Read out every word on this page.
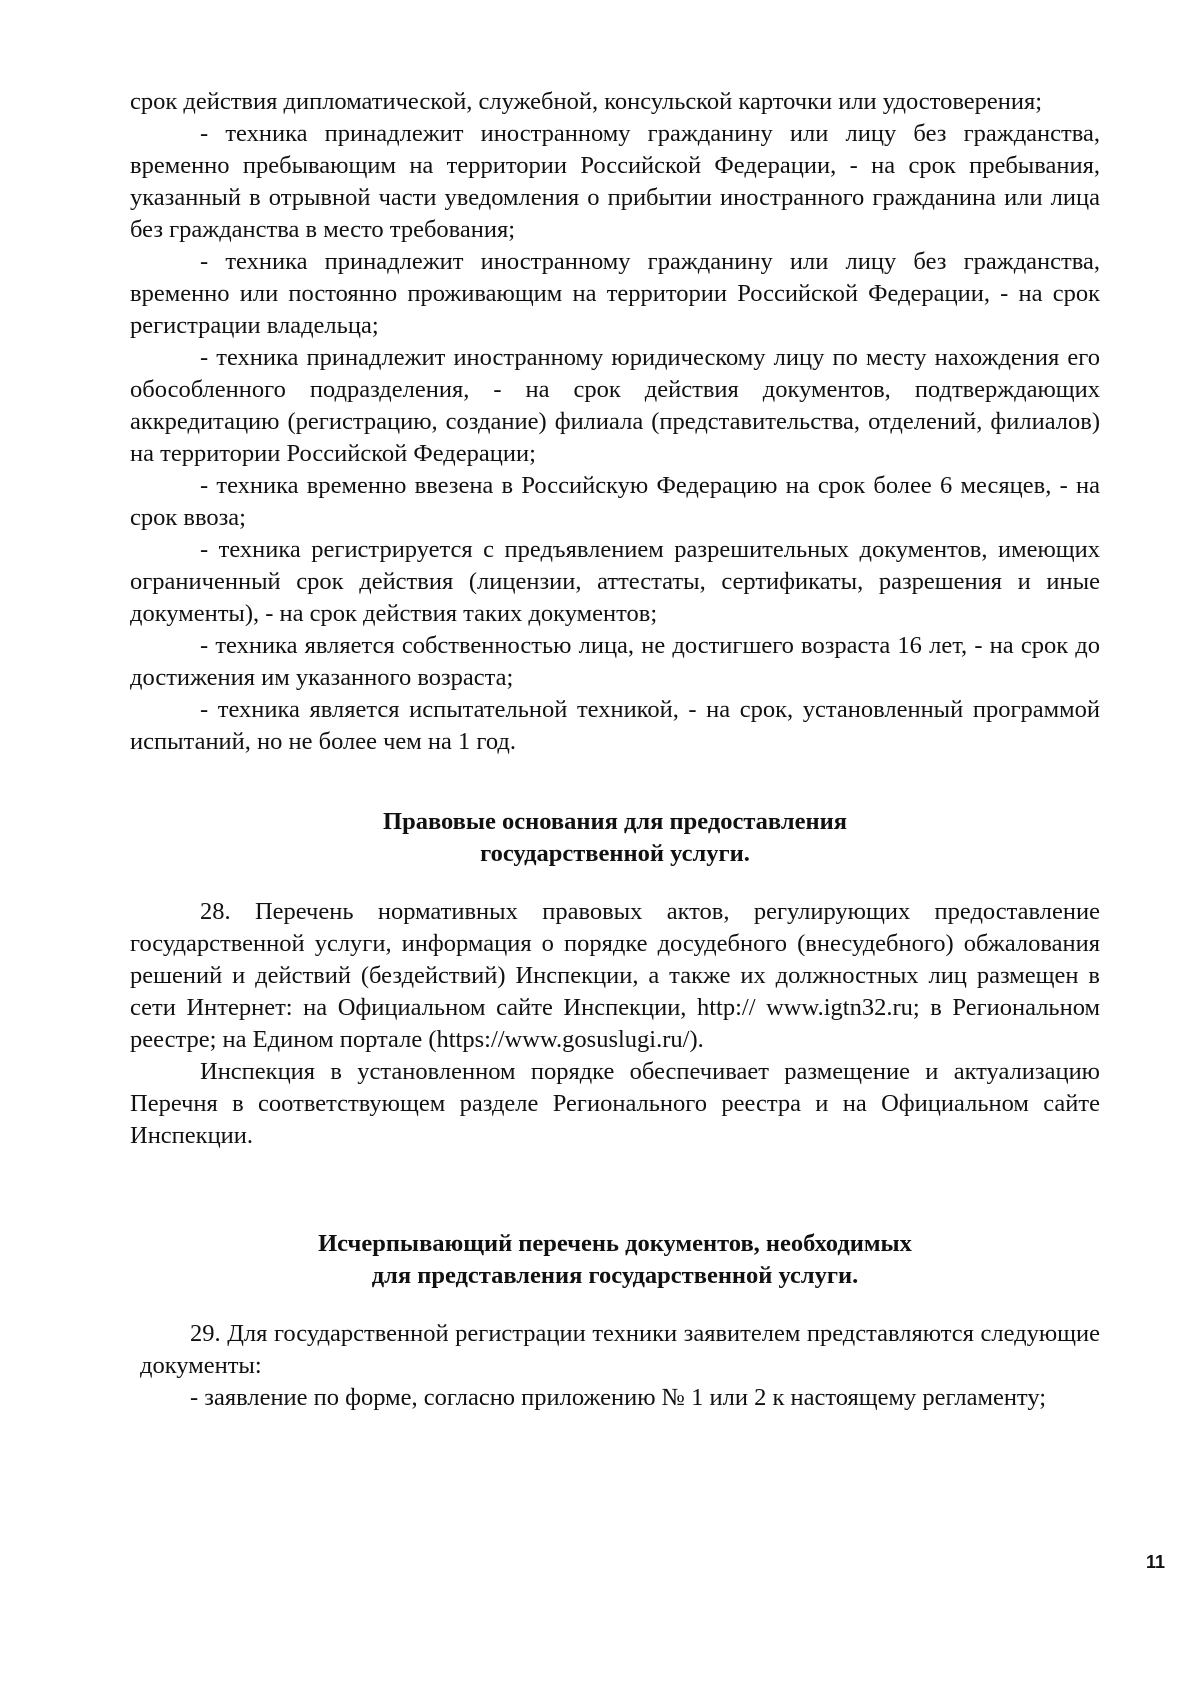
срок действия дипломатической, служебной, консульской карточки или удостоверения;

- техника принадлежит иностранному гражданину или лицу без гражданства, временно пребывающим на территории Российской Федерации, - на срок пребывания, указанный в отрывной части уведомления о прибытии иностранного гражданина или лица без гражданства в место требования;

- техника принадлежит иностранному гражданину или лицу без гражданства, временно или постоянно проживающим на территории Российской Федерации, - на срок регистрации владельца;

- техника принадлежит иностранному юридическому лицу по месту нахождения его обособленного подразделения, - на срок действия документов, подтверждающих аккредитацию (регистрацию, создание) филиала (представительства, отделений, филиалов) на территории Российской Федерации;

- техника временно ввезена в Российскую Федерацию на срок более 6 месяцев, - на срок ввоза;

- техника регистрируется с предъявлением разрешительных документов, имеющих ограниченный срок действия (лицензии, аттестаты, сертификаты, разрешения и иные документы), - на срок действия таких документов;

- техника является собственностью лица, не достигшего возраста 16 лет, - на срок до достижения им указанного возраста;

- техника является испытательной техникой, - на срок, установленный программой испытаний, но не более чем на 1 год.

Правовые основания для предоставления
государственной услуги.

28. Перечень нормативных правовых актов, регулирующих предоставление государственной услуги, информация о порядке досудебного (внесудебного) обжалования решений и действий (бездействий) Инспекции, а также их должностных лиц размещен в сети Интернет: на Официальном сайте Инспекции, http:// www.igtn32.ru; в Региональном реестре; на Едином портале (https://www.gosuslugi.ru/).

Инспекция в установленном порядке обеспечивает размещение и актуализацию Перечня в соответствующем разделе Регионального реестра и на Официальном сайте Инспекции.

Исчерпывающий перечень документов, необходимых
для представления государственной услуги.

29. Для государственной регистрации техники заявителем представляются следующие документы:

- заявление по форме, согласно приложению № 1 или 2 к настоящему регламенту;

11
